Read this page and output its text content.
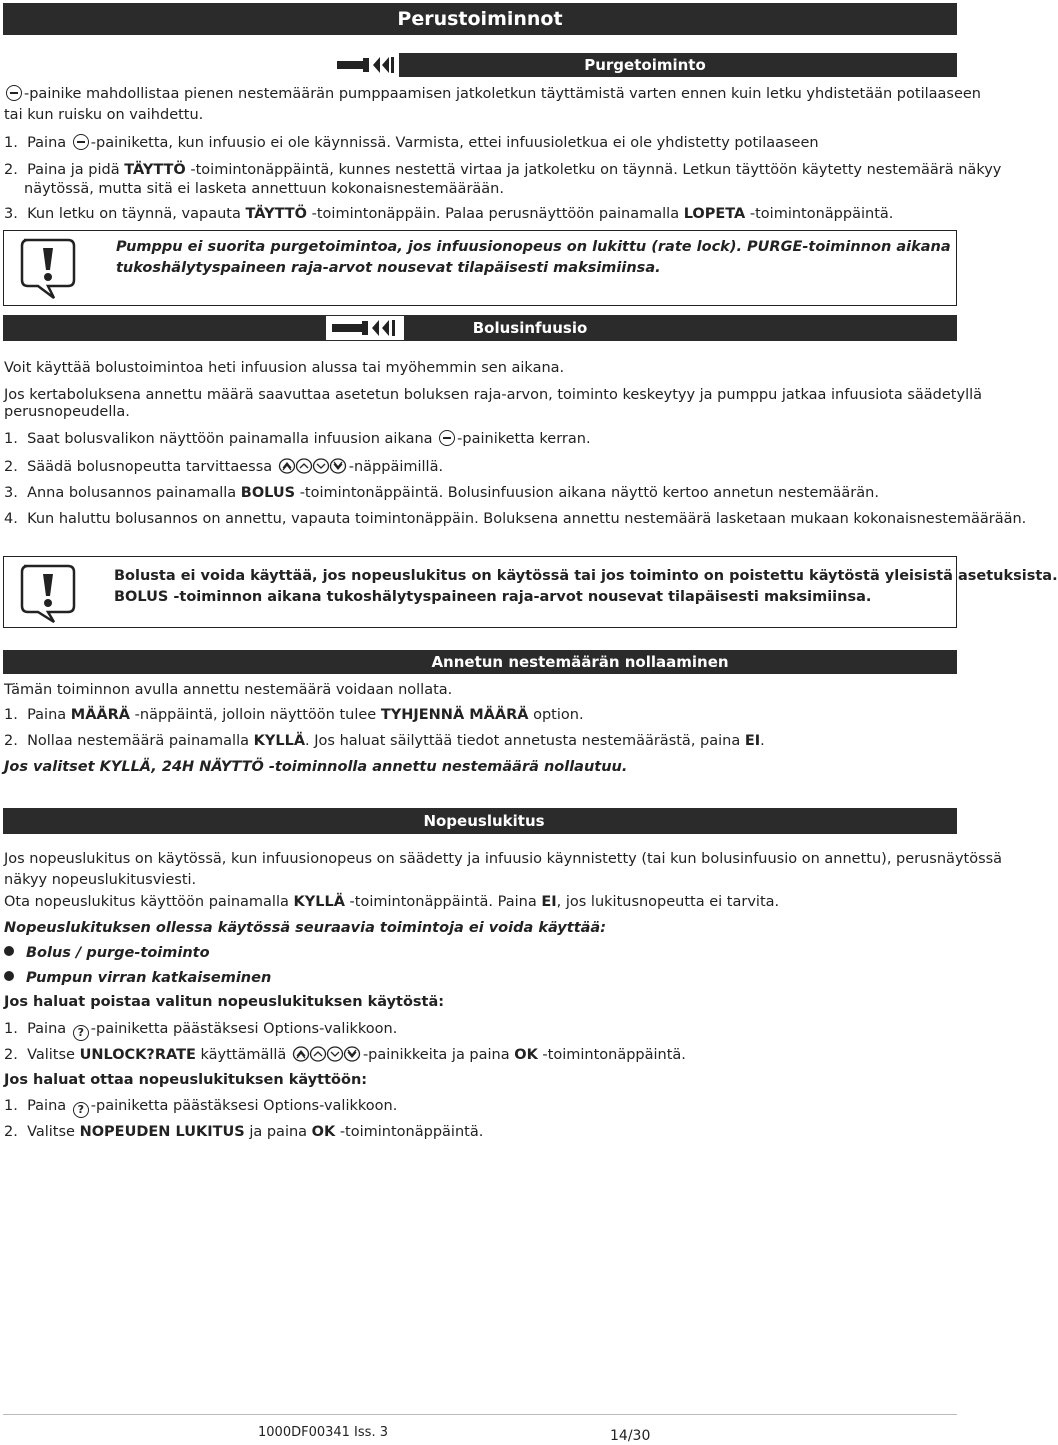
Perustoiminnot
Purgetoiminto
-painike mahdollistaa pienen nestemäärän pumppaamisen jatkoletkun täyttämistä varten ennen kuin letku yhdistetään potilaaseen
tai kun ruisku on vaihdettu.
1. Paina -painiketta, kun infuusio ei ole käynnissä. Varmista, ettei infuusioletkua ei ole yhdistetty potilaaseen
2. Paina ja pidä TÄYTTÖ -toimintonäppäintä, kunnes nestettä virtaa ja jatkoletku on täynnä. Letkun täyttöön käytetty nestemäärä näkyy
näytössä, mutta sitä ei lasketa annettuun kokonaisnestemäärään.
3. Kun letku on täynnä, vapauta TÄYTTÖ -toimintonäppäin. Palaa perusnäyttöön painamalla LOPETA -toimintonäppäintä.
Pumppu ei suorita purgetoimintoa, jos infuusionopeus on lukittu (rate lock). PURGE-toiminnon aikana
tukoshälytyspaineen raja-arvot nousevat tilapäisesti maksimiinsa.
Bolusinfuusio
Voit käyttää bolustoimintoa heti infuusion alussa tai myöhemmin sen aikana.
Jos kertaboluksena annettu määrä saavuttaa asetetun boluksen raja-arvon, toiminto keskeytyy ja pumppu jatkaa infuusiota säädetyllä
perusnopeudella.
1. Saat bolusvalikon näyttöön painamalla infuusion aikana -painiketta kerran.
2. Säädä bolusnopeutta tarvittaessa	-näppäimillä.
3. Anna bolusannos painamalla BOLUS -toimintonäppäintä. Bolusinfuusion aikana näyttö kertoo annetun nestemäärän.
4. Kun haluttu bolusannos on annettu, vapauta toimintonäppäin. Boluksena annettu nestemäärä lasketaan mukaan kokonaisnestemäärään.
Bolusta ei voida käyttää, jos nopeuslukitus on käytössä tai jos toiminto on poistettu käytöstä yleisistä asetuksista.
BOLUS -toiminnon aikana tukoshälytyspaineen raja-arvot nousevat tilapäisesti maksimiinsa.
Annetun nestemäärän nollaaminen
Tämän toiminnon avulla annettu nestemäärä voidaan nollata.
1. Paina MÄÄRÄ -näppäintä, jolloin näyttöön tulee TYHJENNÄ MÄÄRÄ option.
2. Nollaa nestemäärä painamalla KYLLÄ. Jos haluat säilyttää tiedot annetusta nestemäärästä, paina EI.
Jos valitset KYLLÄ, 24H NÄYTTÖ -toiminnolla annettu nestemäärä nollautuu.
Nopeuslukitus
Jos nopeuslukitus on käytössä, kun infuusionopeus on säädetty ja infuusio käynnistetty (tai kun bolusinfuusio on annettu), perusnäytössä
näkyy nopeuslukitusviesti.
Ota nopeuslukitus käyttöön painamalla KYLLÄ -toimintonäppäintä. Paina EI, jos lukitusnopeutta ei tarvita.
Nopeuslukituksen ollessa käytössä seuraavia toimintoja ei voida käyttää:
Bolus / purge-toiminto
Pumpun virran katkaiseminen
Jos haluat poistaa valitun nopeuslukituksen käytöstä:
1. Paina ? -painiketta päästäksesi Options-valikkoon.
2. Valitse UNLOCK?RATE käyttämällä	-painikkeita ja paina OK -toimintonäppäintä.
Jos haluat ottaa nopeuslukituksen käyttöön:
1. Paina ? -painiketta päästäksesi Options-valikkoon.
2. Valitse NOPEUDEN LUKITUS ja paina OK -toimintonäppäintä.
1000DF00341 Iss. 3	14/30
